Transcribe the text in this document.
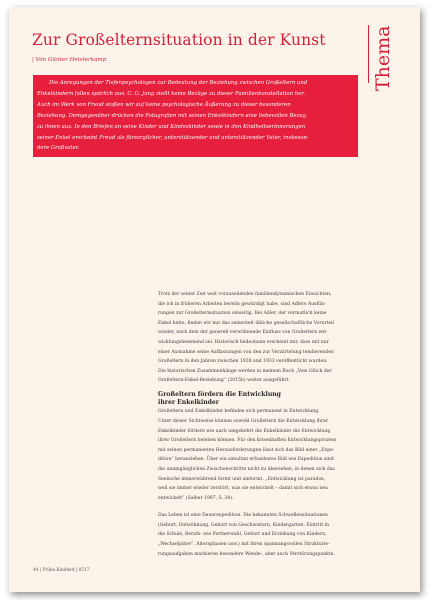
Zur Großelternsituation in der Kunst
| Von Günter Heisterkamp	Thema
Die Anregungen der Tiefenpsychologen zur Bedeutung der Beziehung zwischen Großeltern und
Enkelkindern fallen spärlich aus. C. G. Jung stellt keine Bezüge zu dieser Familienkonstellation her.
Auch im Werk von Freud stoßen wir auf keine psychologische Äußerung zu dieser besonderen
Beziehung. Demgegenüber drücken die Fotografien mit seinen Enkelkindern eine liebevollen Bezug
zu ihnen aus. In den Briefen an seine Kinder und Kindeskinder sowie in den Kindheitserinnerungen
seiner Enkel erscheint Freud als fürsorglicher, unterstützender und unterstützender Vater, insbeson-
dere Großvater.
Trotz der seiner Zeit weit vorauseilenden familiendynamischen Einsichten,
die ich in früheren Arbeiten bereits gewürdigt habe, sind Adlers Ausfüh-
rungen zur Großelternsituation einseitig. Bei Adler, der vermutlich keine
Enkel hatte, finden wir nur das seinerzeit übliche gesellschaftliche Vorurteil
wieder, nach dem der generell verwöhnende Einfluss von Großeltern ent-
wicklungshemmend sei. Historisch bedeutsam erscheint mir, dass mit nur
einer Ausnahme seine Auffassungen von den zur Verzärtelung tendierenden
Großeltern in den Jahren zwischen 1928 und 1933 veröffentlicht wurden.
Die historischen Zusammenhänge werden in meinem Buch „Vom Glück der
Großeltern-Enkel-Beziehung“ (2015b) weiter ausgeführt.
Großeltern fördern die Entwicklung
ihrer Enkelkinder
Großeltern und Enkelkinder befinden sich permanent in Entwicklung.
Unter dieser Sichtweise können sowohl Großeltern die Entwicklung ihrer
Enkelkinder fördern wie auch umgekehrt die Enkelkinder die Entwicklung
ihrer Großeltern beleben können. Für den krisenhaften Entwicklungsprozess
mit seinen permanenten Herausforderungen lässt sich das Bild einer „Expe-
dition“ heranziehen. Über ein simultan erfassbares Bild wie Expedition sind
die unumgänglichen Zwischenschritte nicht zu übersehen, in denen sich das
Seelische immerwährend formt und umformt. „Entwicklung ist paradox,
weil sie immer wieder zerstört, was sie entwickelt – damit sich etwas neu
entwickelt“ (Salber 1987, S. 34).
Das Leben ist eine Dauerexpedition. Die bekannten Schwellensituationen
(Geburt, Entwöhnung, Geburt von Geschwistern, Kindergarten, Eintritt in
die Schule, Berufs- wie Partnerwahl, Geburt und Erziehung von Kindern,
„Wechseljahre“, Altersphasen usw.) mit ihren spannungsvollen Strukturie-
rungsaufgaben markieren besondere Wende-, aber auch Verstörungspunkte.
44 | Frühe Kindheit | 0517
